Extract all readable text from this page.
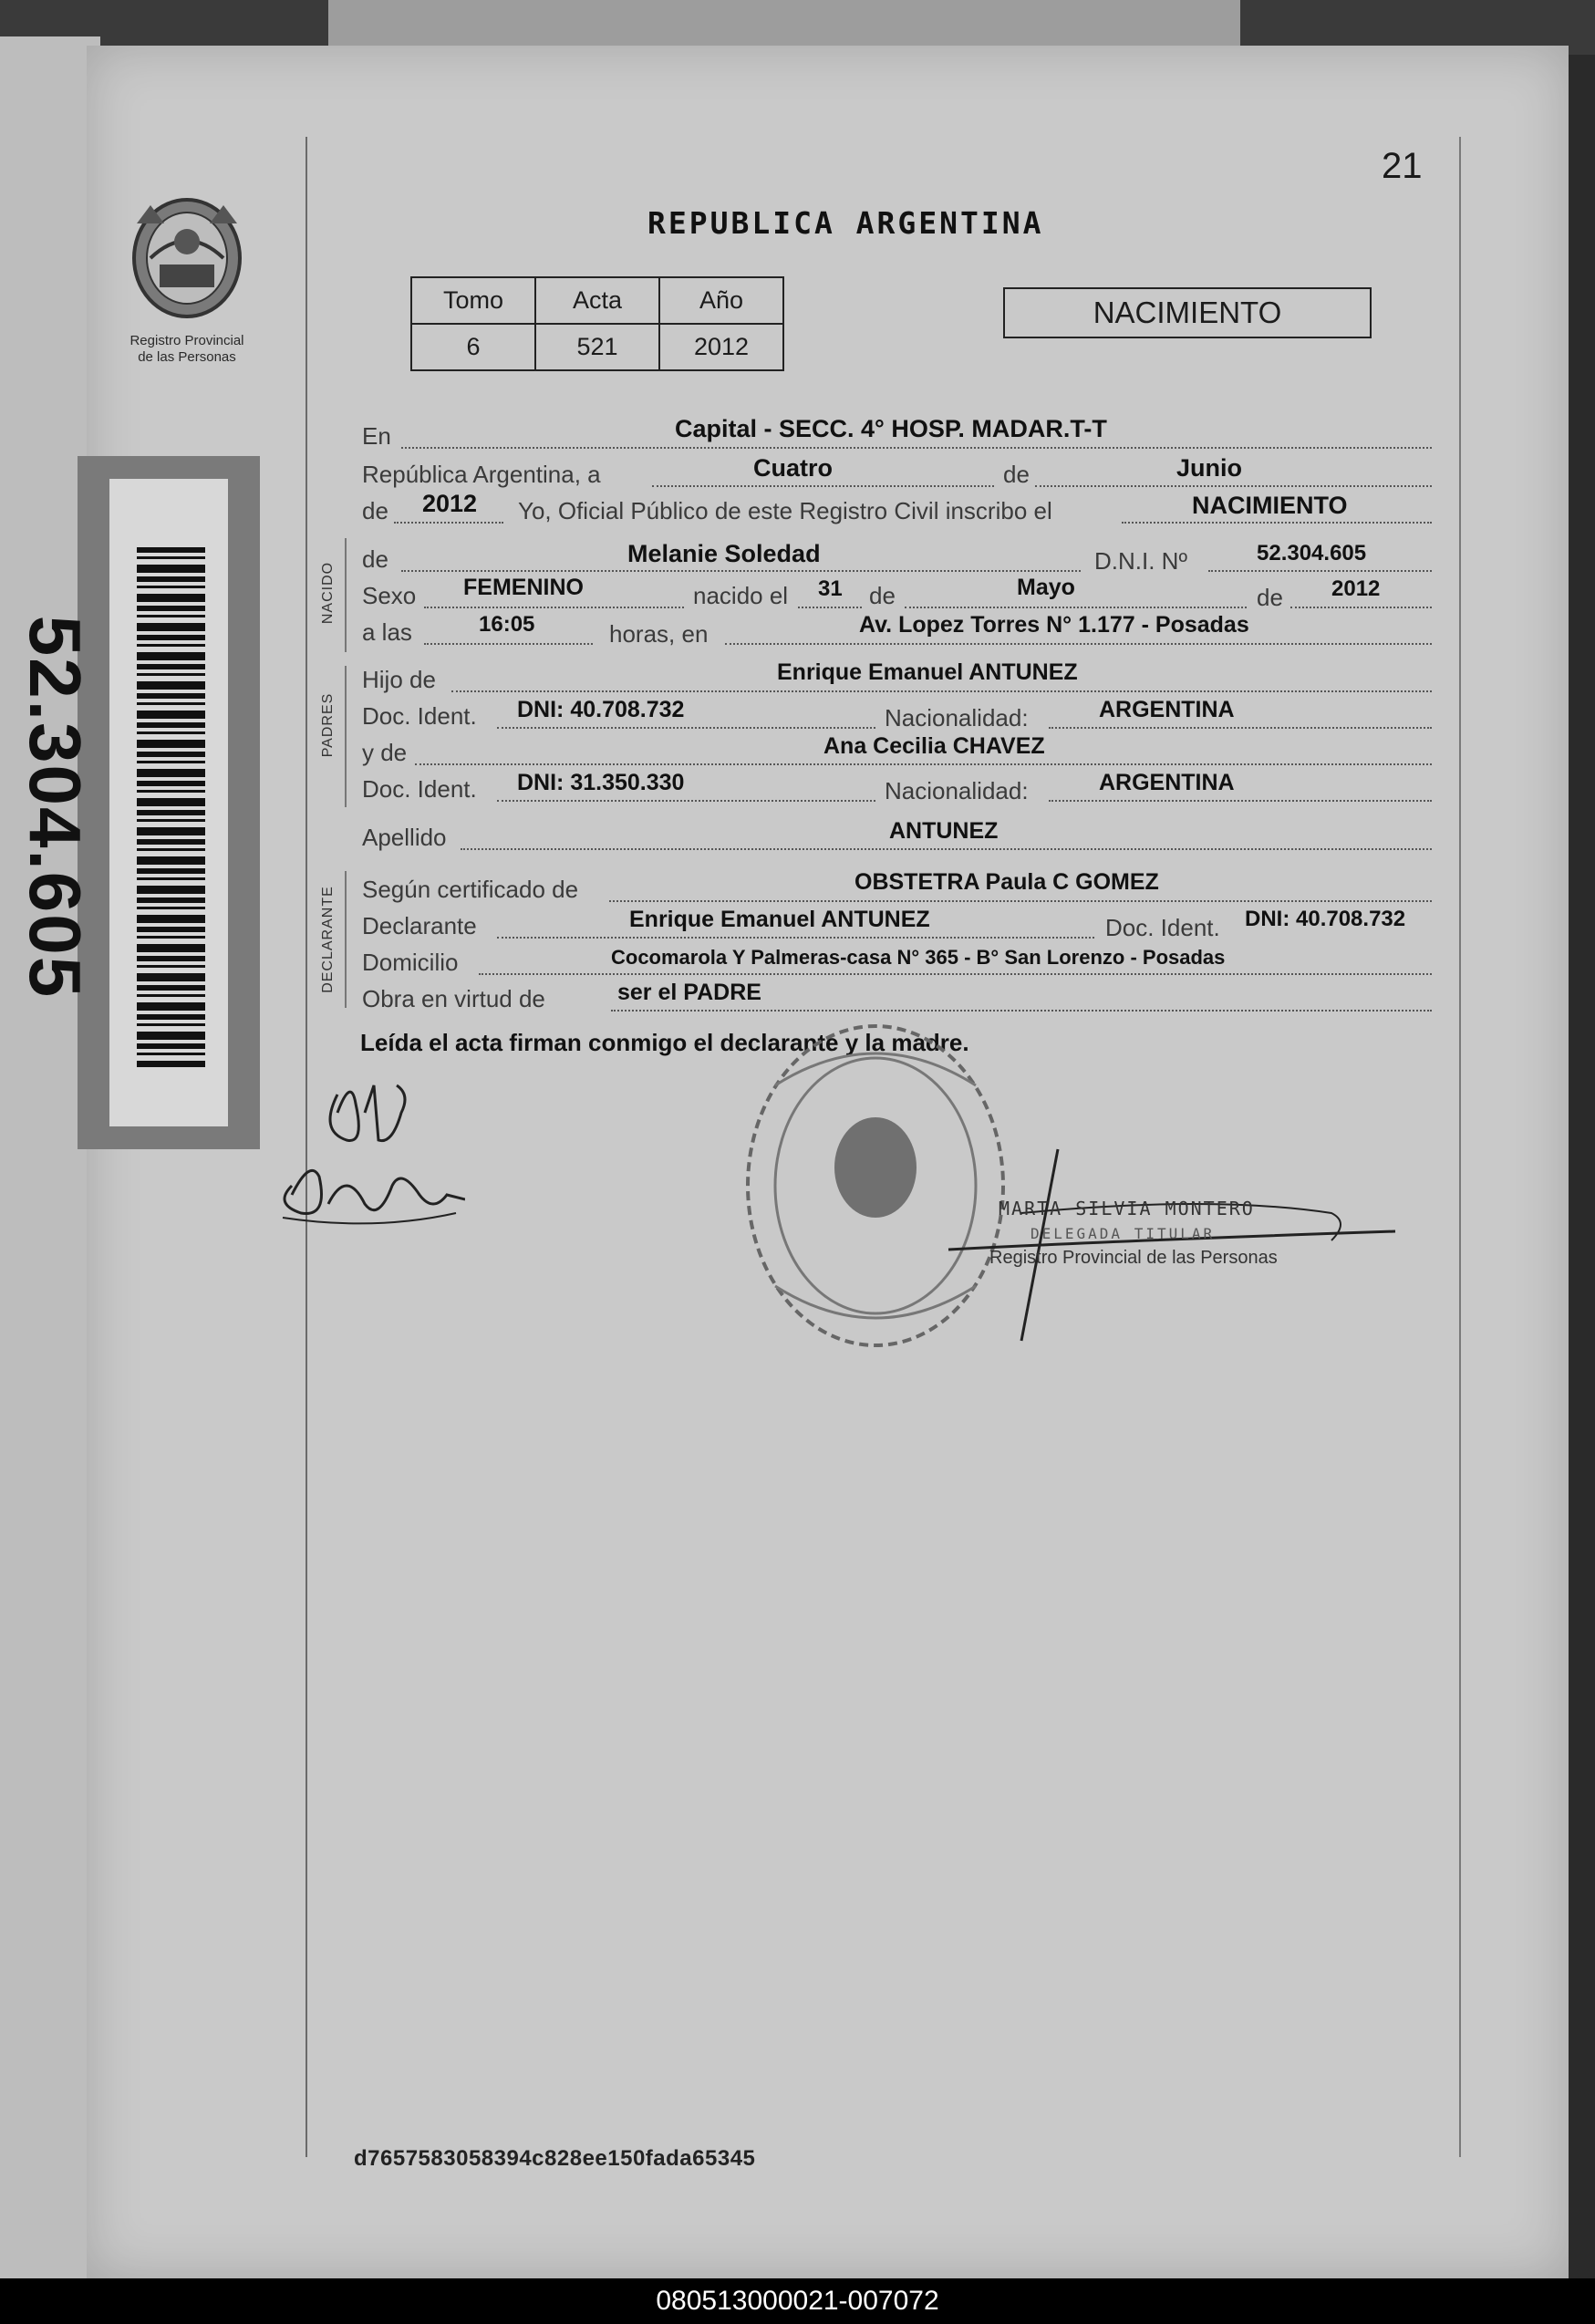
Registro Provincial
de las Personas
52.304.605
21
REPUBLICA ARGENTINA
Tomo	Acta	Año
6	521	2012
NACIMIENTO
NACIDO
PADRES
DECLARANTE
En	Capital - SECC. 4° HOSP. MADAR.T-T
República Argentina, a	Cuatro	de	Junio
de 2012 Yo, Oficial Público de este Registro Civil inscribo el	NACIMIENTO
de	Melanie Soledad	D.N.I. Nº	52.304.605
Sexo FEMENINO	nacido el 31 de	Mayo	de 2012
a las	16:05	horas, en	Av. Lopez Torres N° 1.177 - Posadas
Hijo de	Enrique Emanuel ANTUNEZ
Doc. Ident. DNI: 40.708.732	Nacionalidad:	ARGENTINA
y de	Ana Cecilia CHAVEZ
Doc. Ident. DNI: 31.350.330	Nacionalidad:	ARGENTINA
Apellido	ANTUNEZ
Según certificado de	OBSTETRA Paula C GOMEZ
Declarante	Enrique Emanuel ANTUNEZ	Doc. Ident. DNI: 40.708.732
Domicilio	Cocomarola Y Palmeras-casa N° 365 - B° San Lorenzo - Posadas
Obra en virtud de	ser el PADRE
Leída el acta firman conmigo el declarante y la madre.
MARTA SILVIA MONTERO
DELEGADA TITULAR
Registro Provincial de las Personas
d7657583058394c828ee150fada65345
080513000021-007072
